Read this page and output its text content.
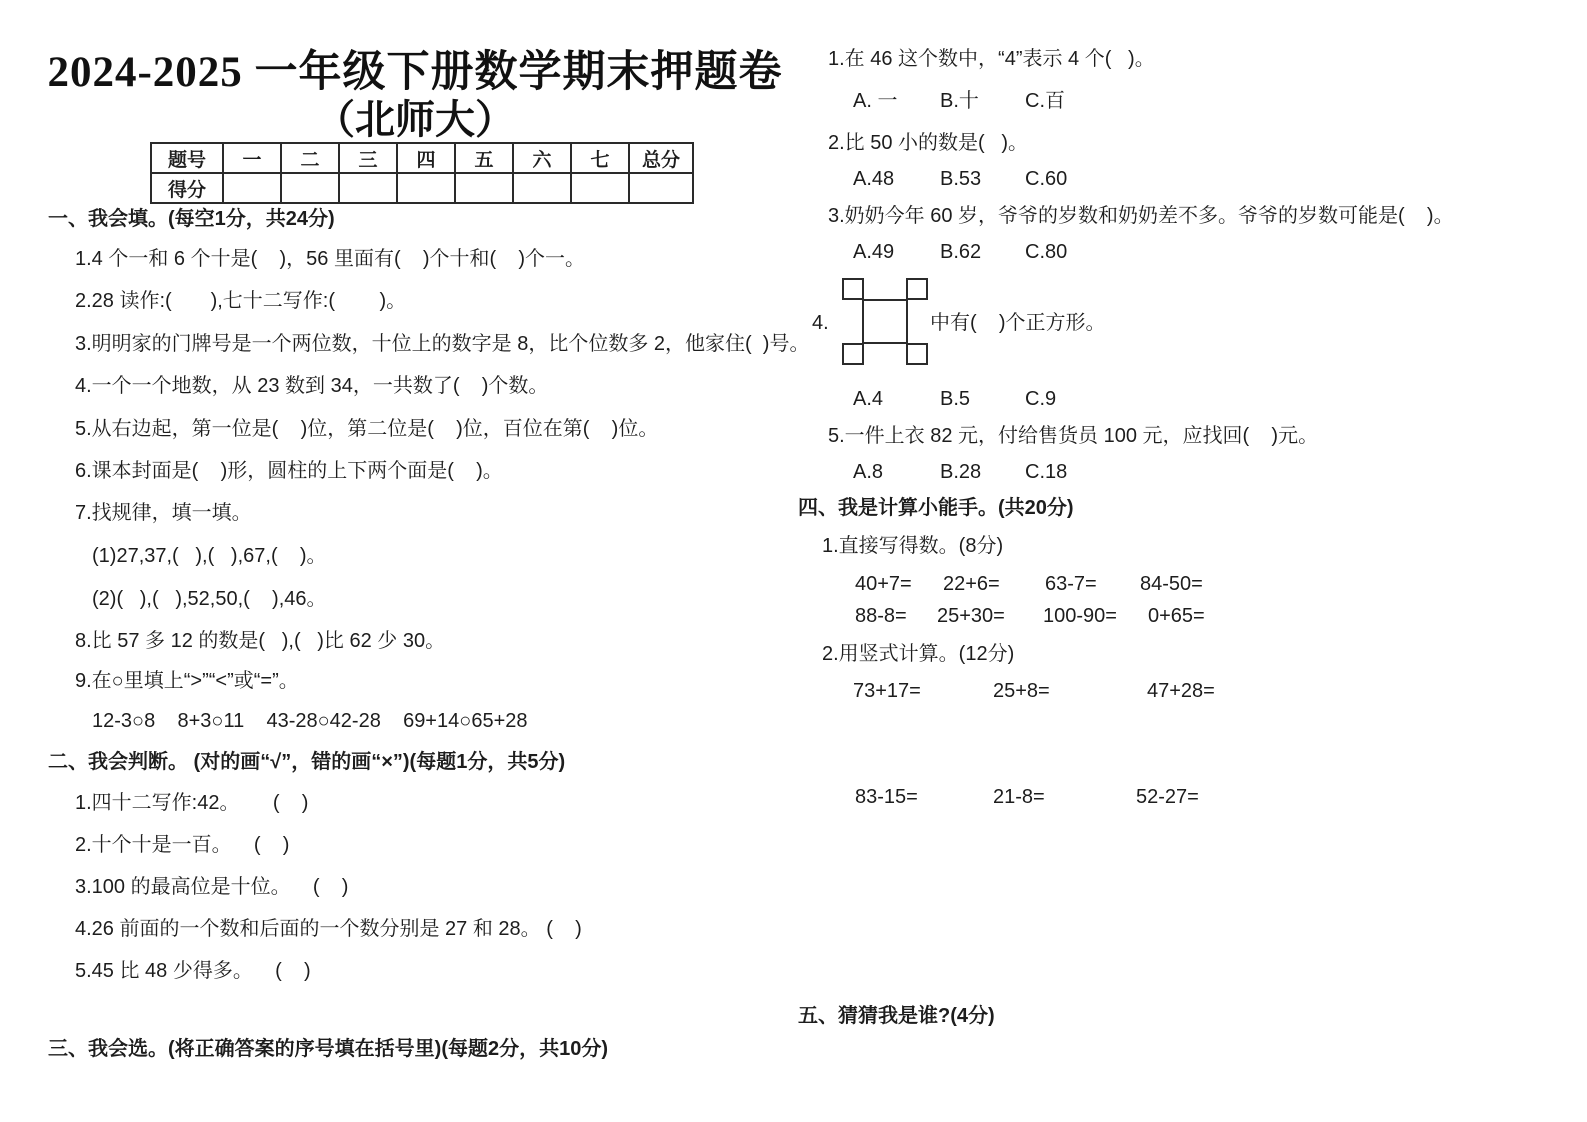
2024-2025 一年级下册数学期末押题卷
（北师大）
题号	一	二	三	四	五	六	七	总分
得分								
一、我会填。(每空1分，共24分)
1.4 个一和 6 个十是(    )，56 里面有(    )个十和(    )个一。
2.28 读作:(       ),七十二写作:(        )。
3.明明家的门牌号是一个两位数，十位上的数字是 8，比个位数多 2，他家住(  )号。
4.一个一个地数，从 23 数到 34，一共数了(    )个数。
5.从右边起，第一位是(    )位，第二位是(    )位，百位在第(    )位。
6.课本封面是(    )形，圆柱的上下两个面是(    )。
7.找规律，填一填。
(1)27,37,(   ),(   ),67,(    )。
(2)(   ),(   ),52,50,(    ),46。
8.比 57 多 12 的数是(   ),(   )比 62 少 30。
9.在○里填上“>”“<”或“=”。
12-3○8    8+3○11    43-28○42-28    69+14○65+28
二、我会判断。 (对的画“√”，错的画“×”)(每题1分，共5分)
1.四十二写作:42。      (    )
2.十个十是一百。    (    )
3.100 的最高位是十位。    (    )
4.26 前面的一个数和后面的一个数分别是 27 和 28。 (    )
5.45 比 48 少得多。    (    )
三、我会选。(将正确答案的序号填在括号里)(每题2分，共10分)
1.在 46 这个数中，“4”表示 4 个(   )。
A. 一 B.十 C.百
2.比 50 小的数是(   )。
A.48 B.53 C.60
3.奶奶今年 60 岁，爷爷的岁数和奶奶差不多。爷爷的岁数可能是(    )。
A.49 B.62 C.80
4.	中有(    )个正方形。
A.4	B.5	C.9
5.一件上衣 82 元，付给售货员 100 元，应找回(    )元。
A.8	B.28 C.18
四、我是计算小能手。(共20分)
1.直接写得数。(8分)
40+7= 22+6= 63-7= 84-50=
88-8= 25+30= 100-90= 0+65=
2.用竖式计算。(12分)
73+17=	25+8=	47+28=
83-15=	21-8=	52-27=
五、猜猜我是谁?(4分)
